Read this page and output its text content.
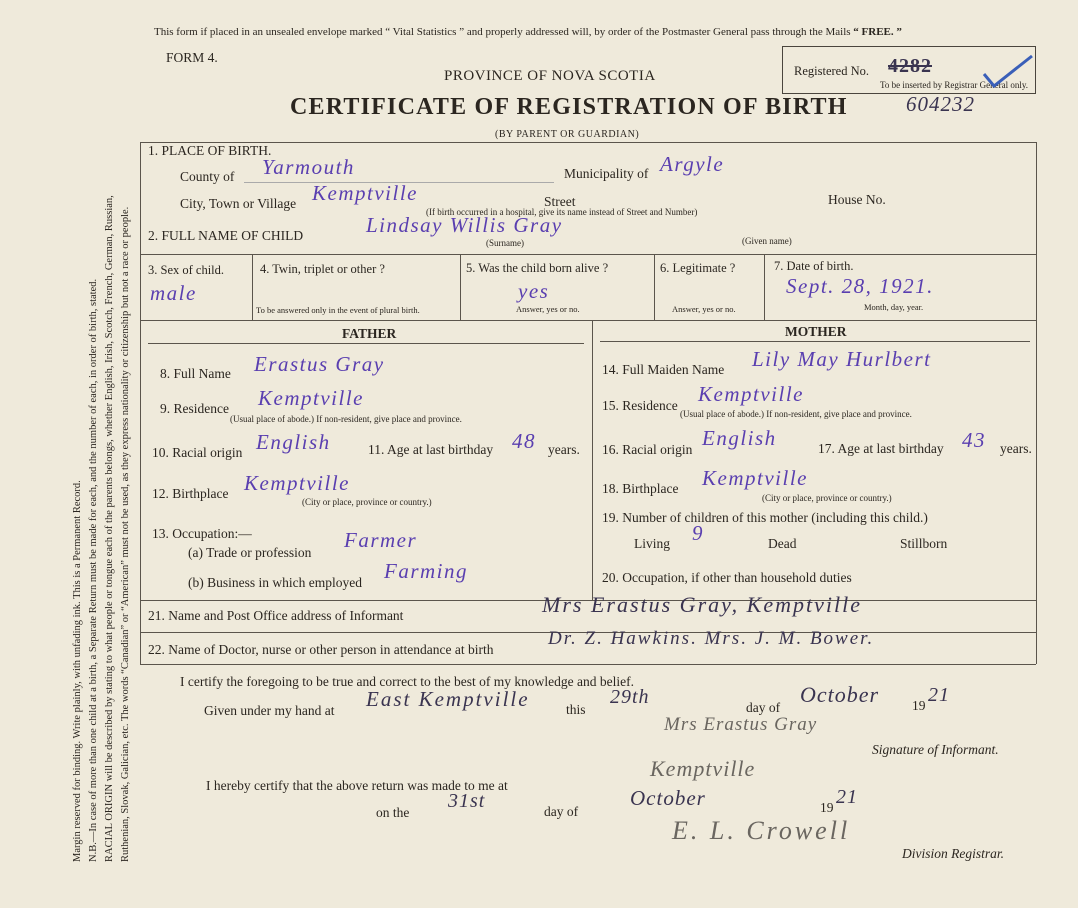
Margin reserved for binding. Write plainly, with unfading ink. This is a Permanent Record. N.B.—In case of more than one child at a birth, a Separate Return must be made for each, and the number of each, in order of birth, stated. RACIAL ORIGIN will be described by stating to what people or tongue each of the parents belongs, whether English, Irish, Scotch, French, German, Russian, Ruthenian, Slovak, Galician, etc. The words “Canadian” or “American” must not be used, as they express nationality or citizenship but not a race or people.
This form if placed in an unsealed envelope marked “ Vital Statistics ” and properly addressed will, by order of the Postmaster General pass through the Mails “ FREE. ”
FORM 4.
PROVINCE OF NOVA SCOTIA
CERTIFICATE OF REGISTRATION OF BIRTH
(BY PARENT OR GUARDIAN)
Registered No. 4282
To be inserted by Registrar General only.
604232
1. PLACE OF BIRTH.
County of Yarmouth	Municipality of Argyle
City, Town or Village Kemptville	Street	House No.
(If birth occurred in a hospital, give its name instead of Street and Number)
2. FULL NAME OF CHILD	Lindsay Willis Gray
(Surname)	(Given name)
3. Sex of child.
male
4. Twin, triplet or other ?
To be answered only in the event of plural birth.
5. Was the child born alive ?
yes
Answer, yes or no.
6. Legitimate ?
Answer, yes or no.
7. Date of birth.
Sept. 28, 1921.
Month, day, year.
FATHER	MOTHER
8. Full Name Erastus Gray
9. Residence Kemptville
(Usual place of abode.) If non-resident, give place and province.
10. Racial origin English	11. Age at last birthday 48 years.
12. Birthplace Kemptville
(City or place, province or country.)
13. Occupation:—
(a) Trade or profession
Farmer
(b) Business in which employed Farming
14. Full Maiden Name Lily May Hurlbert
15. Residence Kemptville
(Usual place of abode.) If non-resident, give place and province.
16. Racial origin English	17. Age at last birthday 43 years.
18. Birthplace Kemptville
(City or place, province or country.)
19. Number of children of this mother (including this child.)
Living 9	Dead	Stillborn
20. Occupation, if other than household duties
21. Name and Post Office address of Informant	Mrs Erastus Gray, Kemptville
22. Name of Doctor, nurse or other person in attendance at birth
Dr. Z. Hawkins. Mrs. J. M. Bower.
I certify the foregoing to be true and correct to the best of my knowledge and belief.
Given under my hand at East Kemptville	this
29th	day of
October 19 21
Mrs Erastus Gray
Signature of Informant.
I hereby certify that the above return was made to me at
Kemptville
on the
31st	day of
October	19 21
E. L. Crowell
Division Registrar.
